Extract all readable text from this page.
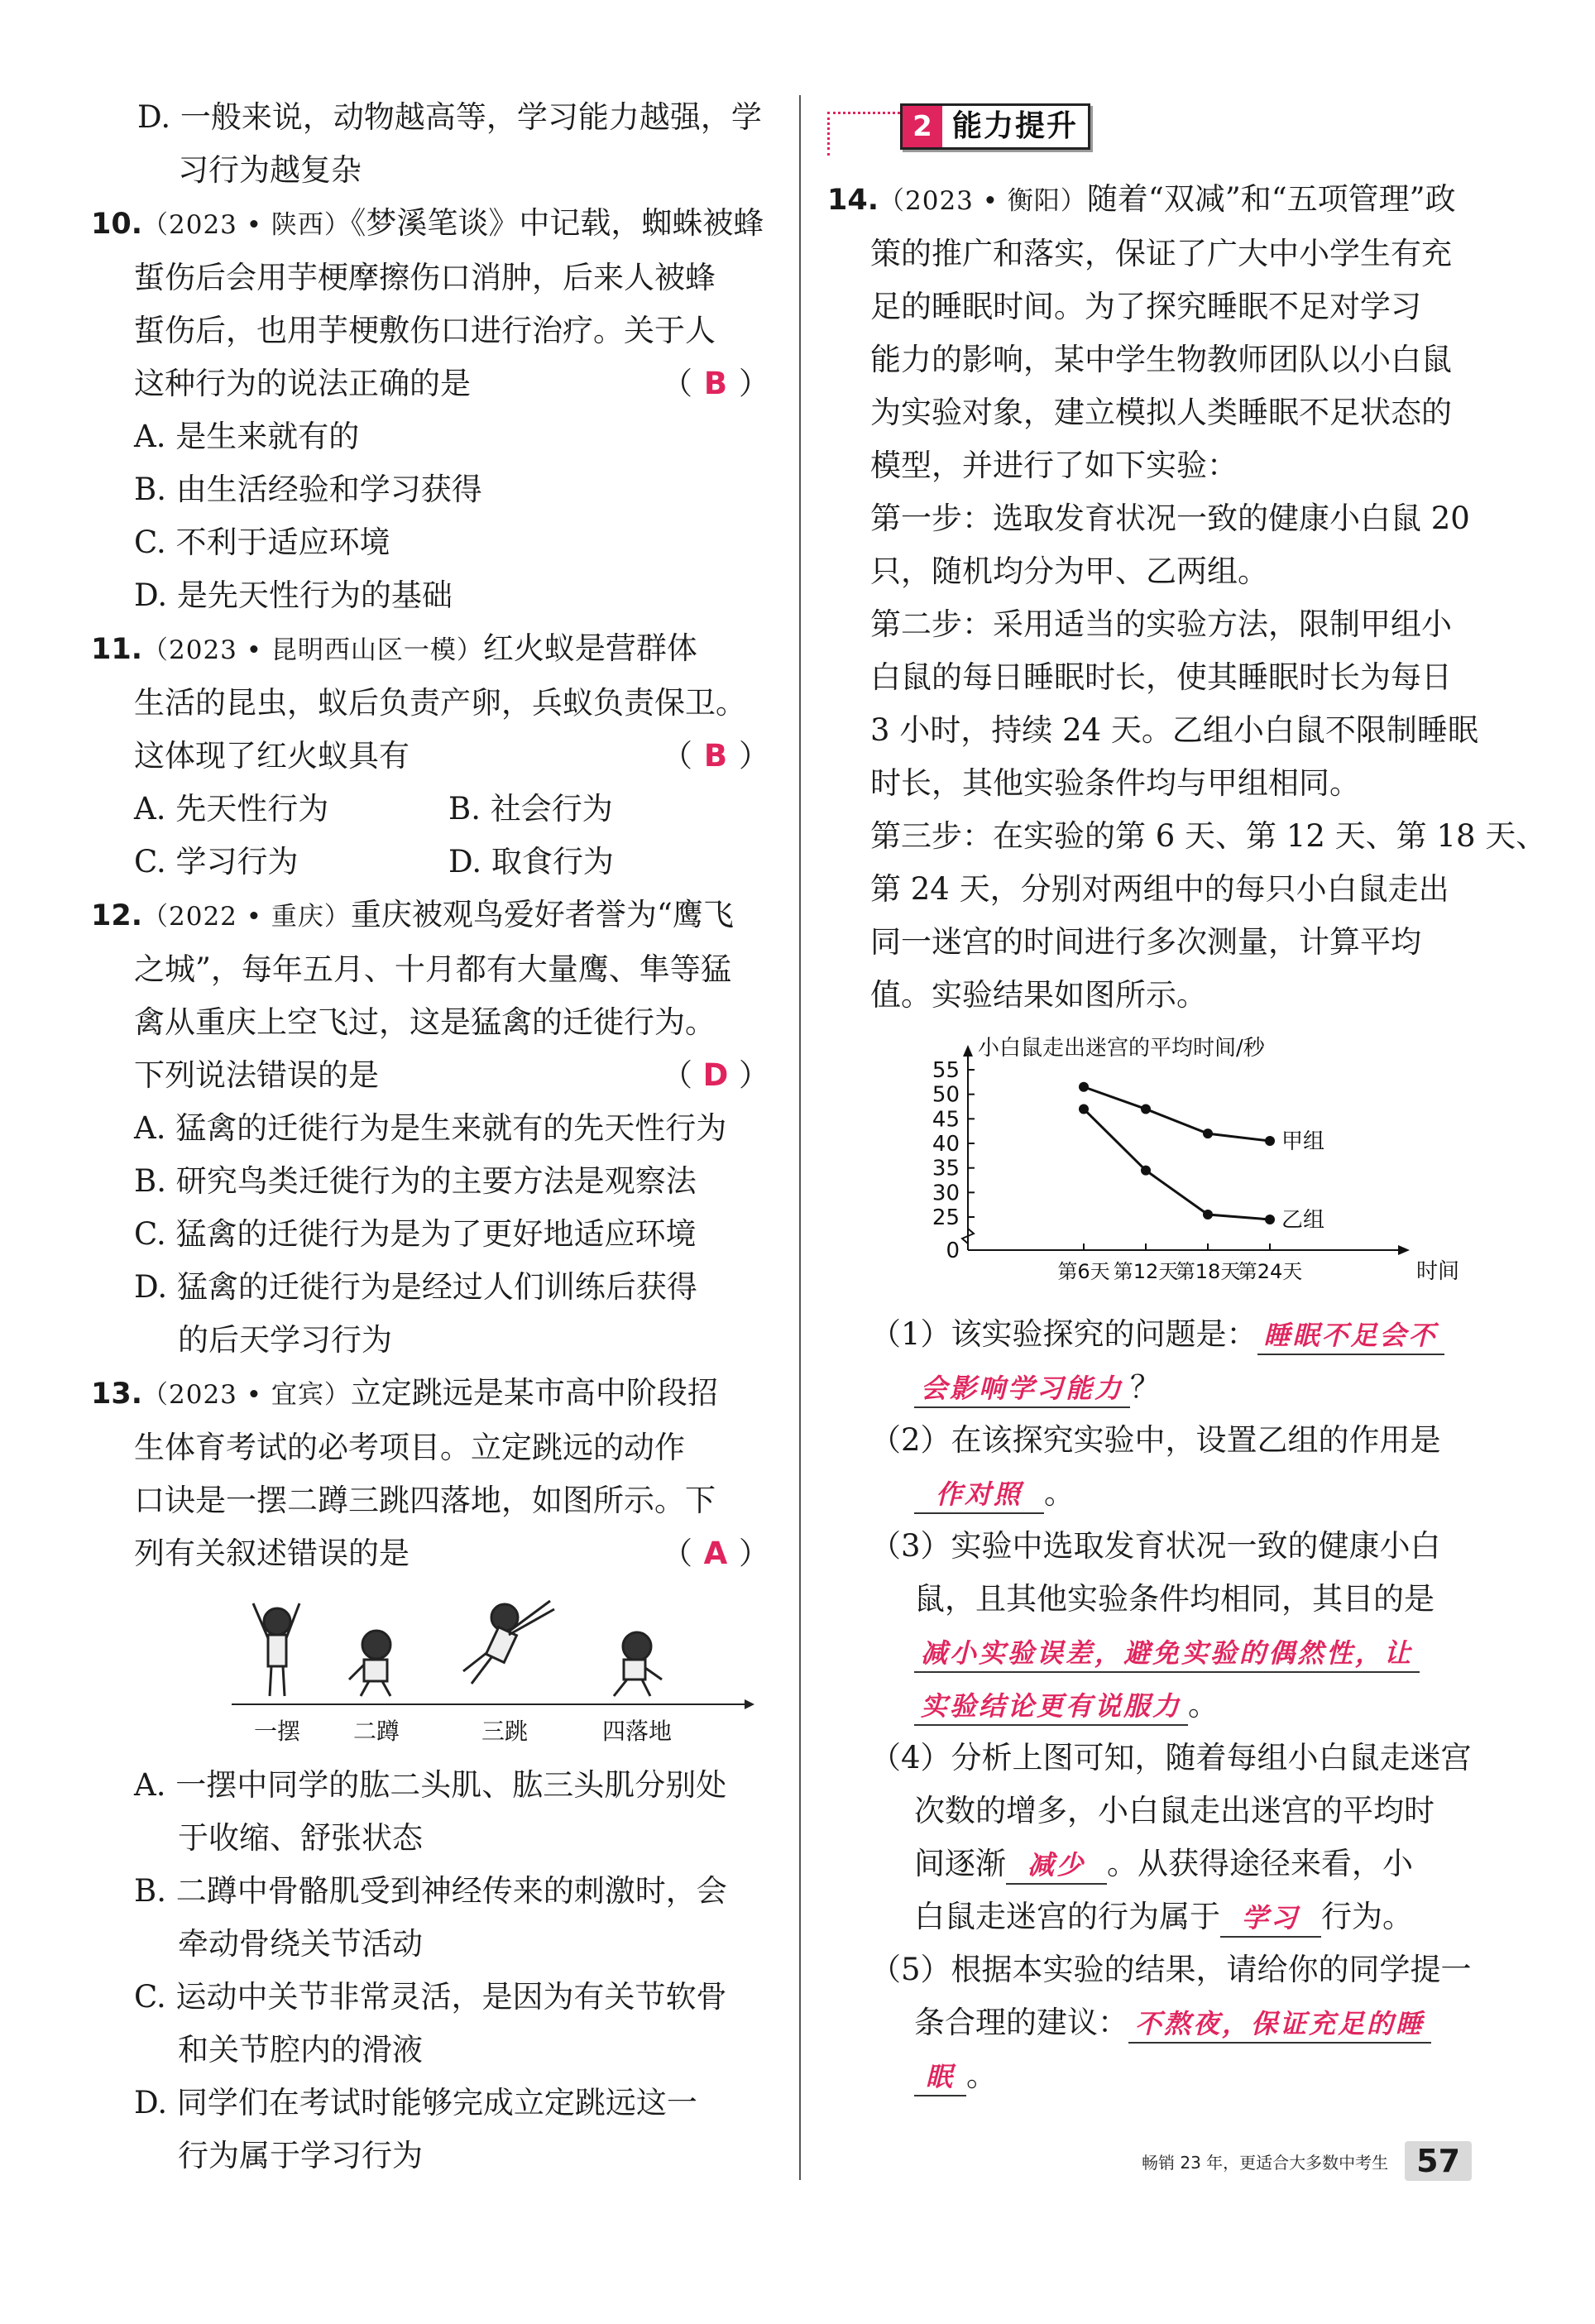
D. 一般来说，动物越高等，学习能力越强，学
习行为越复杂
10.（2023 • 陕西）《梦溪笔谈》中记载，蜘蛛被蜂
蜇伤后会用芋梗摩擦伤口消肿，后来人被蜂
蜇伤后，也用芋梗敷伤口进行治疗。关于人
这种行为的说法正确的是	（ B ）
A. 是生来就有的
B. 由生活经验和学习获得
C. 不利于适应环境
D. 是先天性行为的基础
11.（2023 • 昆明西山区一模）红火蚁是营群体
生活的昆虫，蚁后负责产卵，兵蚁负责保卫。
这体现了红火蚁具有	（ B ）
A. 先天性行为	B. 社会行为
C. 学习行为	D. 取食行为
12.（2022 • 重庆）重庆被观鸟爱好者誉为“鹰飞
之城”，每年五月、十月都有大量鹰、隼等猛
禽从重庆上空飞过，这是猛禽的迁徙行为。
下列说法错误的是	（ D ）
A. 猛禽的迁徙行为是生来就有的先天性行为
B. 研究鸟类迁徙行为的主要方法是观察法
C. 猛禽的迁徙行为是为了更好地适应环境
D. 猛禽的迁徙行为是经过人们训练后获得
的后天学习行为
13.（2023 • 宜宾）立定跳远是某市高中阶段招
生体育考试的必考项目。立定跳远的动作
口诀是一摆二蹲三跳四落地，如图所示。下
列有关叙述错误的是	（ A ）
一摆 二蹲	三跳	四落地
A. 一摆中同学的肱二头肌、肱三头肌分别处
于收缩、舒张状态
B. 二蹲中骨骼肌受到神经传来的刺激时，会
牵动骨绕关节活动
C. 运动中关节非常灵活，是因为有关节软骨
和关节腔内的滑液
D. 同学们在考试时能够完成立定跳远这一
行为属于学习行为
2 能力提升
14.（2023 • 衡阳）随着“双减”和“五项管理”政
策的推广和落实，保证了广大中小学生有充
足的睡眠时间。为了探究睡眠不足对学习
能力的影响，某中学生物教师团队以小白鼠
为实验对象，建立模拟人类睡眠不足状态的
模型，并进行了如下实验：
第一步：选取发育状况一致的健康小白鼠 20
只，随机均分为甲、乙两组。
第二步：采用适当的实验方法，限制甲组小
白鼠的每日睡眠时长，使其睡眠时长为每日
3 小时，持续 24 天。乙组小白鼠不限制睡眠
时长，其他实验条件均与甲组相同。
第三步：在实验的第 6 天、第 12 天、第 18 天、
第 24 天，分别对两组中的每只小白鼠走出
同一迷宫的时间进行多次测量，计算平均
值。实验结果如图所示。
小白鼠走出迷宫的平均时间/秒
时间
0
25
30
35
40
45
50
55
第6天 第12天
第18天
第24天
甲组
乙组
（1）该实验探究的问题是： 睡眠不足会不
会影响学习能力 ？
（2）在该探究实验中，设置乙组的作用是
作对照 。
（3）实验中选取发育状况一致的健康小白
鼠，且其他实验条件均相同，其目的是
减小实验误差，避免实验的偶然性，让
实验结论更有说服力 。
（4）分析上图可知，随着每组小白鼠走迷宫
次数的增多，小白鼠走出迷宫的平均时
间逐渐 减少 。从获得途径来看，小
白鼠走迷宫的行为属于 学习 行为。
（5）根据本实验的结果，请给你的同学提一
条合理的建议： 不熬夜，保证充足的睡
眠 。
畅销 23 年，更适合大多数中考生 57
